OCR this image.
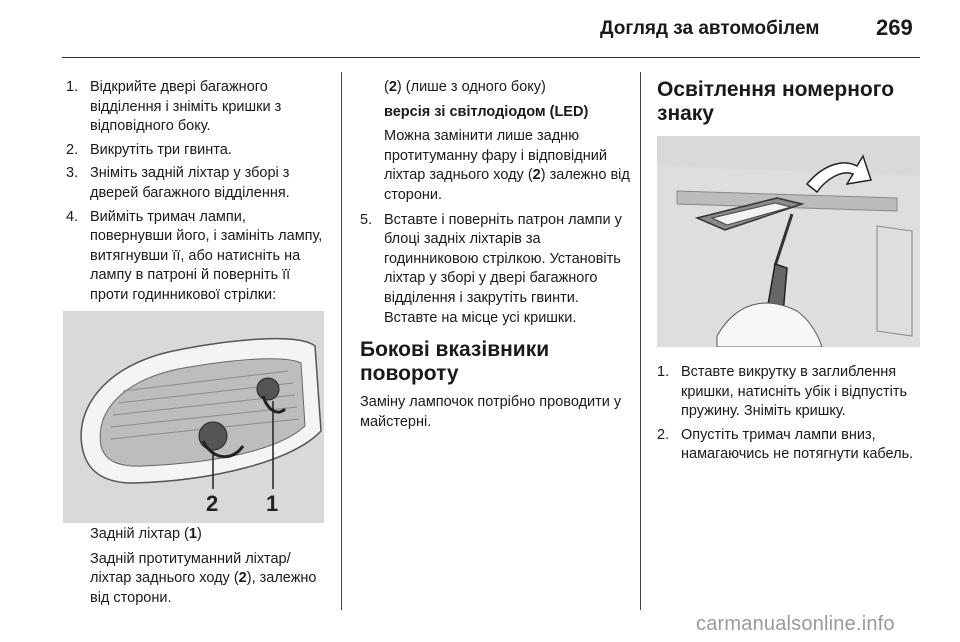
Догляд за автомобілем	269
1. Відкрийте двері багажного відділення і зніміть кришки з відповідного боку.
2. Викрутіть три гвинта.
3. Зніміть задній ліхтар у зборі з дверей багажного відділення.
4. Вийміть тримач лампи, повернувши його, і замініть лампу, витягнувши її, або натисніть на лампу в патроні й поверніть її проти годинникової стрілки:
2 1

Задній ліхтар (1)

Задній протитуманний ліхтар/ ліхтар заднього ходу (2), залежно від сторони.

(2) (лише з одного боку)

версія зі світлодіодом (LED)

Можна замінити лише задню протитуманну фару і відповідний ліхтар заднього ходу (2) залежно від сторони.

5. Вставте і поверніть патрон лампи у блоці задніх ліхтарів за годинниковою стрілкою. Установіть ліхтар у зборі у двері багажного відділення і закрутіть гвинти. Вставте на місце усі кришки.
Бокові вказівники повороту

Заміну лампочок потрібно проводити у майстерні.

Освітлення номерного знаку
1. Вставте викрутку в заглиблення кришки, натисніть убік і відпустіть пружину. Зніміть кришку.
2. Опустіть тримач лампи вниз, намагаючись не потягнути кабель.
carmanualsonline.info
